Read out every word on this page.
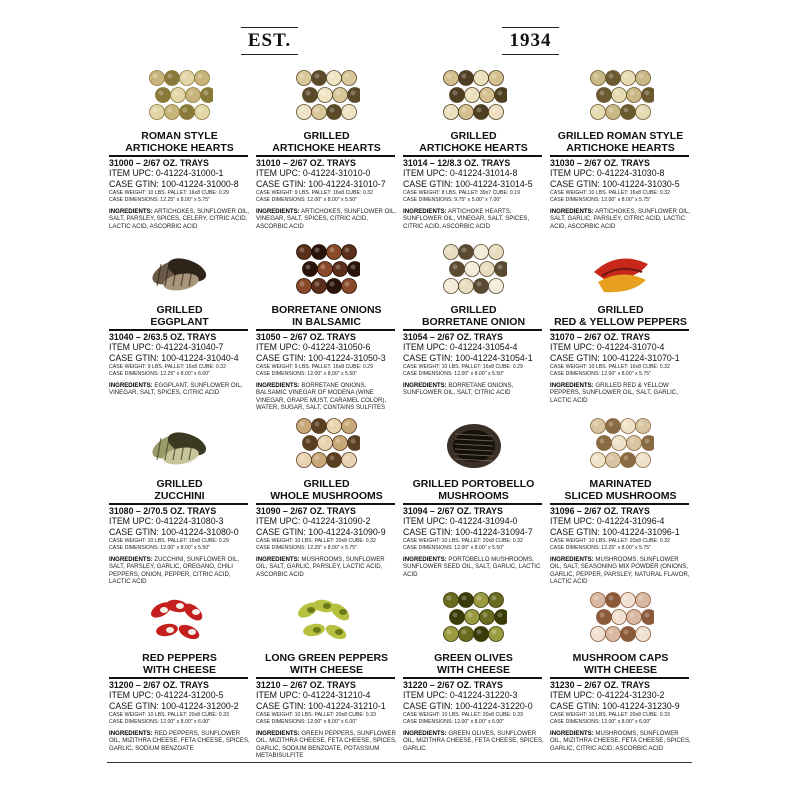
EST.	1934
ROMAN STYLE
ARTICHOKE HEARTS
31000 – 2/67 OZ. TRAYS
ITEM UPC: 0-41224-31000-1
CASE GTIN: 100-41224-31000-8
CASE WEIGHT: 10 LBS. PALLET: 16x8 CUBE: 0.29
CASE DIMENSIONS: 12.25" x 8.00" x 5.75"
INGREDIENTS: ARTICHOKES, SUNFLOWER OIL, SALT, PARSLEY, SPICES, CELERY, CITRIC ACID, LACTIC ACID, ASCORBIC ACID
GRILLED
ARTICHOKE HEARTS
31010 – 2/67 OZ. TRAYS
ITEM UPC: 0-41224-31010-0
CASE GTIN: 100-41224-31010-7
CASE WEIGHT: 9 LBS. PALLET: 16x8 CUBE: 0.32
CASE DIMENSIONS: 12.00" x 8.00" x 5.50"
INGREDIENTS: ARTICHOKES, SUNFLOWER OIL, VINEGAR, SALT, SPICES, CITRIC ACID, ASCORBIC ACID
GRILLED
ARTICHOKE HEARTS
31014 – 12/8.3 OZ. TRAYS
ITEM UPC: 0-41224-31014-8
CASE GTIN: 100-41224-31014-5
CASE WEIGHT: 8 LBS. PALLET: 39x7 CUBE: 0.19
CASE DIMENSIONS: 9.75" x 5.00" x 7.00"
INGREDIENTS: ARTICHOKE HEARTS, SUNFLOWER OIL, VINEGAR, SALT, SPICES, CITRIC ACID, ASCORBIC ACID
GRILLED ROMAN STYLE
ARTICHOKE HEARTS
31030 – 2/67 OZ. TRAYS
ITEM UPC: 0-41224-31030-8
CASE GTIN: 100-41224-31030-5
CASE WEIGHT: 10 LBS. PALLET: 16x8 CUBE: 0.32
CASE DIMENSIONS: 12.00" x 8.00" x 5.75"
INGREDIENTS: ARTICHOKES, SUNFLOWER OIL, SALT, GARLIC, PARSLEY, CITRIC ACID, LACTIC ACID, ASCORBIC ACID
GRILLED
EGGPLANT
31040 – 2/63.5 OZ. TRAYS
ITEM UPC: 0-41224-31040-7
CASE GTIN: 100-41224-31040-4
CASE WEIGHT: 9 LBS. PALLET: 16x8 CUBE: 0.32
CASE DIMENSIONS: 12.25" x 8.00" x 6.00"
INGREDIENTS: EGGPLANT, SUNFLOWER OIL, VINEGAR, SALT, SPICES, CITRIC ACID
BORRETANE ONIONS
IN BALSAMIC
31050 – 2/67 OZ. TRAYS
ITEM UPC: 0-41224-31050-6
CASE GTIN: 100-41224-31050-3
CASE WEIGHT: 9 LBS. PALLET: 16x8 CUBE: 0.29
CASE DIMENSIONS: 12.00" x 8.00" x 5.50"
INGREDIENTS: BORRETANE ONIONS, BALSAMIC VINEGAR OF MODENA (WINE VINEGAR, GRAPE MUST, CARAMEL COLOR), WATER, SUGAR, SALT, CONTAINS SULFITES
GRILLED
BORRETANE ONION
31054 – 2/67 OZ. TRAYS
ITEM UPC: 0-41224-31054-4
CASE GTIN: 100-41224-31054-1
CASE WEIGHT: 10 LBS. PALLET: 16x8 CUBE: 0.29
CASE DIMENSIONS: 12.00" x 8.00" x 5.50"
INGREDIENTS: BORRETANE ONIONS, SUNFLOWER OIL, SALT, CITRIC ACID
GRILLED
RED & YELLOW PEPPERS
31070 – 2/67 OZ. TRAYS
ITEM UPC: 0-41224-31070-4
CASE GTIN: 100-41224-31070-1
CASE WEIGHT: 10 LBS. PALLET: 16x8 CUBE: 0.32
CASE DIMENSIONS: 12.00" x 8.00" x 5.75"
INGREDIENTS: GRILLED RED & YELLOW PEPPERS, SUNFLOWER OIL, SALT, GARLIC, LACTIC ACID
GRILLED
ZUCCHINI
31080 – 2/70.5 OZ. TRAYS
ITEM UPC: 0-41224-31080-3
CASE GTIN: 100-41224-31080-0
CASE WEIGHT: 10 LBS. PALLET: 16x8 CUBE: 0.29
CASE DIMENSIONS: 12.00" x 8.00" x 5.50"
INGREDIENTS: ZUCCHINI, SUNFLOWER OIL, SALT, PARSLEY, GARLIC, OREGANO, CHILI PEPPERS, ONION, PEPPER, CITRIC ACID, LACTIC ACID
GRILLED
WHOLE MUSHROOMS
31090 – 2/67 OZ. TRAYS
ITEM UPC: 0-41224-31090-2
CASE GTIN: 100-41224-31090-9
CASE WEIGHT: 10 LBS. PALLET: 20x8 CUBE: 0.32
CASE DIMENSIONS: 12.25" x 8.00" x 5.75"
INGREDIENTS: MUSHROOMS, SUNFLOWER OIL, SALT, GARLIC, PARSLEY, LACTIC ACID, ASCORBIC ACID
GRILLED PORTOBELLO
MUSHROOMS
31094 – 2/67 OZ. TRAYS
ITEM UPC: 0-41224-31094-0
CASE GTIN: 100-41224-31094-7
CASE WEIGHT: 10 LBS. PALLET: 20x8 CUBE: 0.32
CASE DIMENSIONS: 12.00" x 8.00" x 5.50"
INGREDIENTS: PORTOBELLO MUSHROOMS, SUNFLOWER SEED OIL, SALT, GARLIC, LACTIC ACID
MARINATED
SLICED MUSHROOMS
31096 – 2/67 OZ. TRAYS
ITEM UPC: 0-41224-31096-4
CASE GTIN: 100-41224-31096-1
CASE WEIGHT: 10 LBS. PALLET: 20x8 CUBE: 0.32
CASE DIMENSIONS: 12.25" x 8.00" x 5.75"
INGREDIENTS: MUSHROOMS, SUNFLOWER OIL, SALT, SEASONING MIX POWDER (ONIONS, GARLIC, PEPPER, PARSLEY, NATURAL FLAVOR, LACTIC ACID
RED PEPPERS
WITH CHEESE
31200 – 2/67 OZ. TRAYS
ITEM UPC: 0-41224-31200-5
CASE GTIN: 100-41224-31200-2
CASE WEIGHT: 10 LBS. PALLET: 20x8 CUBE: 0.33
CASE DIMENSIONS: 12.00" x 8.00" x 6.00"
INGREDIENTS: RED PEPPERS, SUNFLOWER OIL, MIZITHRA CHEESE, FETA CHEESE, SPICES, GARLIC, SODIUM BENZOATE
LONG GREEN PEPPERS
WITH CHEESE
31210 – 2/67 OZ. TRAYS
ITEM UPC: 0-41224-31210-4
CASE GTIN: 100-41224-31210-1
CASE WEIGHT: 10 LBS. PALLET: 20x8 CUBE: 0.33
CASE DIMENSIONS: 12.00" x 8.00" x 6.00"
INGREDIENTS: GREEN PEPPERS, SUNFLOWER OIL, MIZITHRA CHEESE, FETA CHEESE, SPICES, GARLIC, SODIUM BENZOATE, POTASSIUM METABISULFITE
GREEN OLIVES
WITH CHEESE
31220 – 2/67 OZ. TRAYS
ITEM UPC: 0-41224-31220-3
CASE GTIN: 100-41224-31220-0
CASE WEIGHT: 10 LBS. PALLET: 20x8 CUBE: 0.33
CASE DIMENSIONS: 12.00" x 8.00" x 6.00"
INGREDIENTS: GREEN OLIVES, SUNFLOWER OIL, MIZITHRA CHEESE, FETA CHEESE, SPICES, GARLIC
MUSHROOM CAPS
WITH CHEESE
31230 – 2/67 OZ. TRAYS
ITEM UPC: 0-41224-31230-2
CASE GTIN: 100-41224-31230-9
CASE WEIGHT: 10 LBS. PALLET: 20x8 CUBE: 0.33
CASE DIMENSIONS: 12.00" x 8.00" x 6.00"
INGREDIENTS: MUSHROOMS, SUNFLOWER OIL, MIZITHRA CHEESE, FETA CHEESE, SPICES, GARLIC, CITRIC ACID, ASCORBIC ACID
